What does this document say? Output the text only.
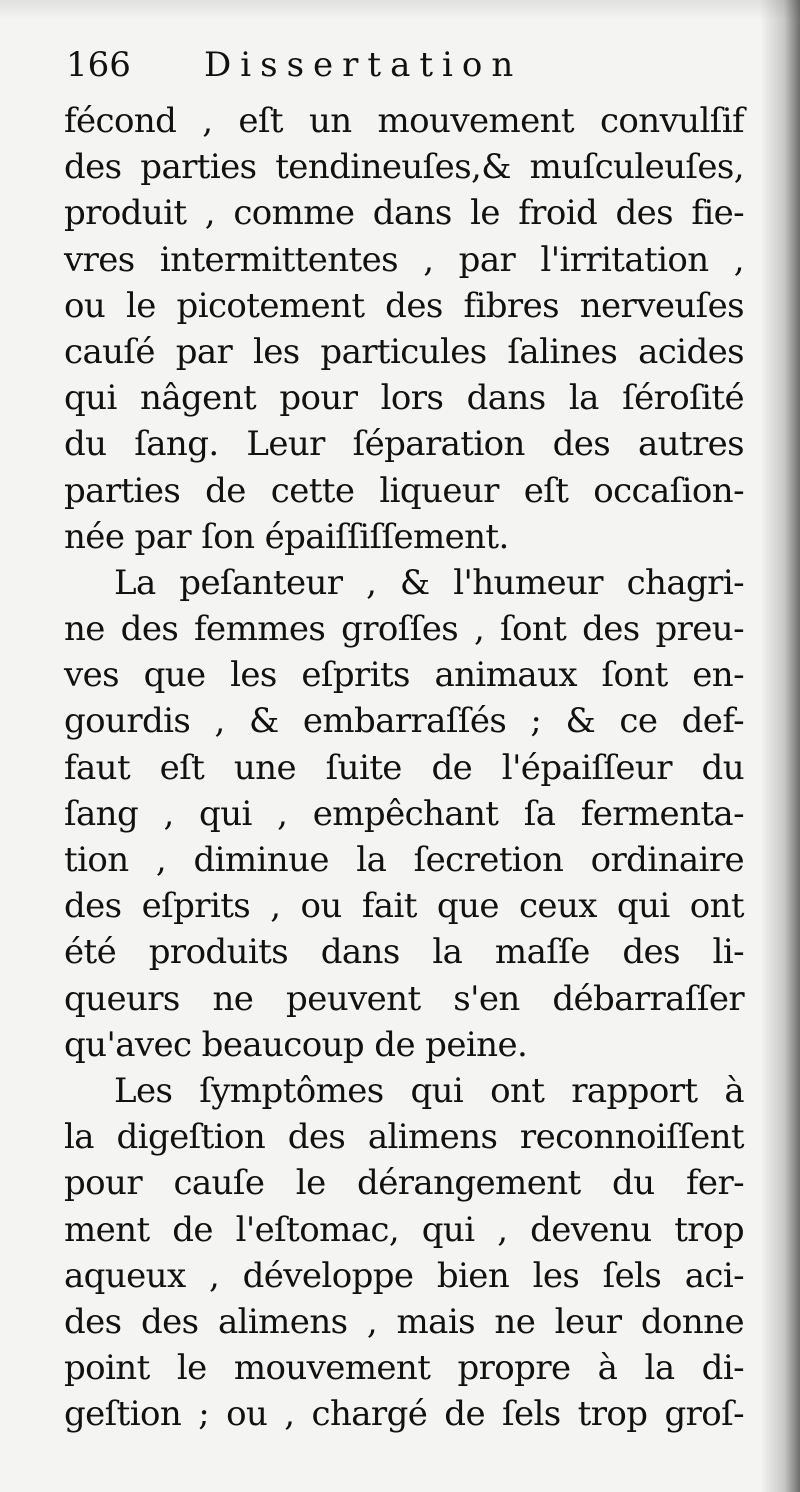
166 Dissertation
fécond , eſt un mouvement convulſif
des parties tendineuſes,& muſculeuſes,
produit , comme dans le froid des fie-
vres intermittentes , par l'irritation ,
ou le picotement des fibres nerveuſes
cauſé par les particules ſalines acides
qui nâgent pour lors dans la ſéroſité
du ſang. Leur ſéparation des autres
parties de cette liqueur eſt occaſion-
née par ſon épaiſſiſſement.
La peſanteur , & l'humeur chagri-
ne des femmes groſſes , ſont des preu-
ves que les eſprits animaux ſont en-
gourdis , & embarraſſés ; & ce def-
faut eſt une ſuite de l'épaiſſeur du
ſang , qui , empêchant ſa fermenta-
tion , diminue la ſecretion ordinaire
des eſprits , ou fait que ceux qui ont
été produits dans la maſſe des li-
queurs ne peuvent s'en débarraſſer
qu'avec beaucoup de peine.
Les ſymptômes qui ont rapport à
la digeſtion des alimens reconnoiſſent
pour cauſe le dérangement du fer-
ment de l'eſtomac, qui , devenu trop
aqueux , développe bien les ſels aci-
des des alimens , mais ne leur donne
point le mouvement propre à la di-
geſtion ; ou , chargé de ſels trop groſ-
